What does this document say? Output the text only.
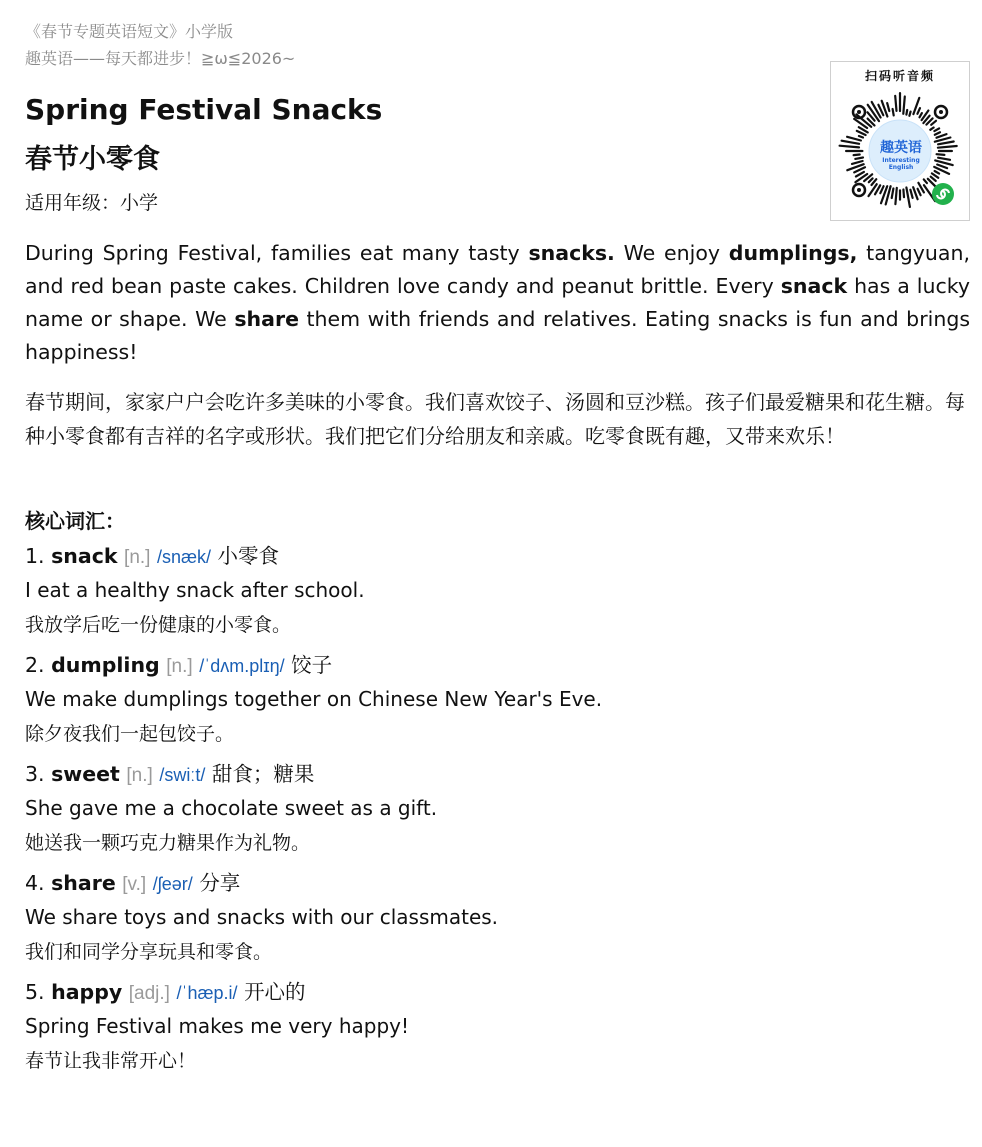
《春节专题英语短文》小学版
趣英语——每天都进步！≧ω≦2026~
Spring Festival Snacks
春节小零食
适用年级：小学
During Spring Festival, families eat many tasty snacks. We enjoy dumplings, tangyuan, and red bean paste cakes. Children love candy and peanut brittle. Every snack has a lucky name or shape. We share them with friends and relatives. Eating snacks is fun and brings happiness!
春节期间，家家户户会吃许多美味的小零食。我们喜欢饺子、汤圆和豆沙糕。孩子们最爱糖果和花生糖。每种小零食都有吉祥的名字或形状。我们把它们分给朋友和亲戚。吃零食既有趣，又带来欢乐！
核心词汇：
1. snack [n.] /snæk/ 小零食
I eat a healthy snack after school.
我放学后吃一份健康的小零食。
2. dumpling [n.] /ˈdʌm.plɪŋ/ 饺子
We make dumplings together on Chinese New Year's Eve.
除夕夜我们一起包饺子。
3. sweet [n.] /swiːt/ 甜食；糖果
She gave me a chocolate sweet as a gift.
她送我一颗巧克力糖果作为礼物。
4. share [v.] /ʃeər/ 分享
We share toys and snacks with our classmates.
我们和同学分享玩具和零食。
5. happy [adj.] /ˈhæp.i/ 开心的
Spring Festival makes me very happy!
春节让我非常开心！
扫码听音频
趣英语
Interesting English
